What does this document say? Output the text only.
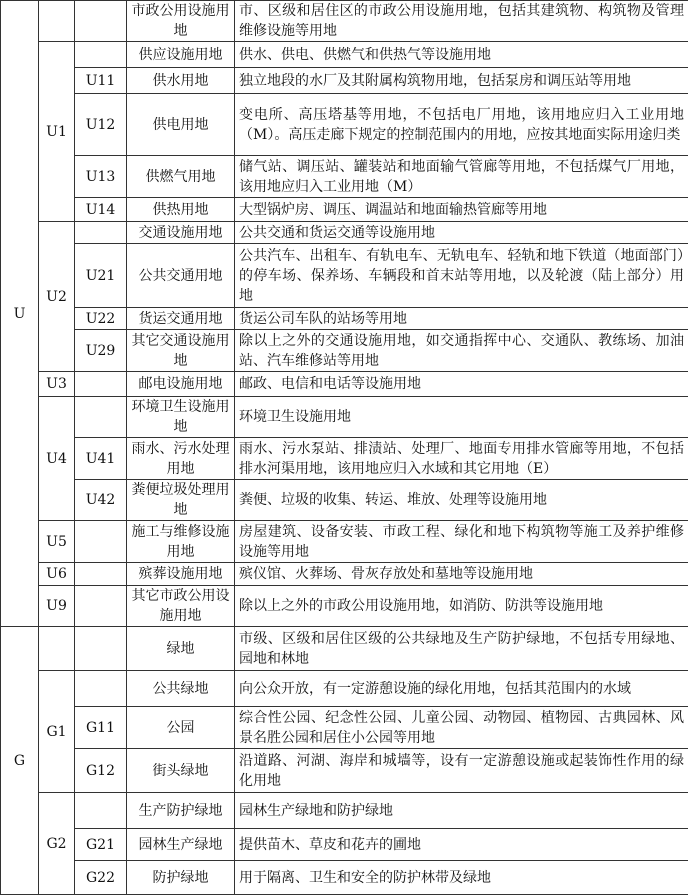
U			市政公用设施用地	市、区级和居住区的市政公用设施用地，包括其建筑物、构筑物及管理维修设施等用地
	U1		供应设施用地	供水、供电、供燃气和供热气等设施用地
		U11	供水用地	独立地段的水厂及其附属构筑物用地，包括泵房和调压站等用地
		U12	供电用地	变电所、高压塔基等用地，不包括电厂用地，该用地应归入工业用地（M）。高压走廊下规定的控制范围内的用地，应按其地面实际用途归类
		U13	供燃气用地	储气站、调压站、罐装站和地面输气管廊等用地，不包括煤气厂用地，该用地应归入工业用地（M）
		U14	供热用地	大型锅炉房、调压、调温站和地面输热管廊等用地
	U2		交通设施用地	公共交通和货运交通等设施用地
		U21	公共交通用地	公共汽车、出租车、有轨电车、无轨电车、轻轨和地下铁道（地面部门）的停车场、保养场、车辆段和首末站等用地，以及轮渡（陆上部分）用地
		U22	货运交通用地	货运公司车队的站场等用地
		U29	其它交通设施用地	除以上之外的交通设施用地，如交通指挥中心、交通队、教练场、加油站、汽车维修站等用地
	U3		邮电设施用地	邮政、电信和电话等设施用地
	U4		环境卫生设施用地	环境卫生设施用地
		U41	雨水、污水处理用地	雨水、污水泵站、排渍站、处理厂、地面专用排水管廊等用地，不包括排水河渠用地，该用地应归入水域和其它用地（E）
		U42	粪便垃圾处理用地	粪便、垃圾的收集、转运、堆放、处理等设施用地
	U5		施工与维修设施用地	房屋建筑、设备安装、市政工程、绿化和地下构筑物等施工及养护维修设施等用地
	U6		殡葬设施用地	殡仪馆、火葬场、骨灰存放处和墓地等设施用地
	U9		其它市政公用设施用地	除以上之外的市政公用设施用地，如消防、防洪等设施用地
G			绿地	市级、区级和居住区级的公共绿地及生产防护绿地，不包括专用绿地、园地和林地
	G1		公共绿地	向公众开放，有一定游憩设施的绿化用地，包括其范围内的水域
		G11	公园	综合性公园、纪念性公园、儿童公园、动物园、植物园、古典园林、风景名胜公园和居住小公园等用地
		G12	街头绿地	沿道路、河湖、海岸和城墙等，设有一定游憩设施或起装饰性作用的绿化用地
	G2		生产防护绿地	园林生产绿地和防护绿地
		G21	园林生产绿地	提供苗木、草皮和花卉的圃地
		G22	防护绿地	用于隔离、卫生和安全的防护林带及绿地
